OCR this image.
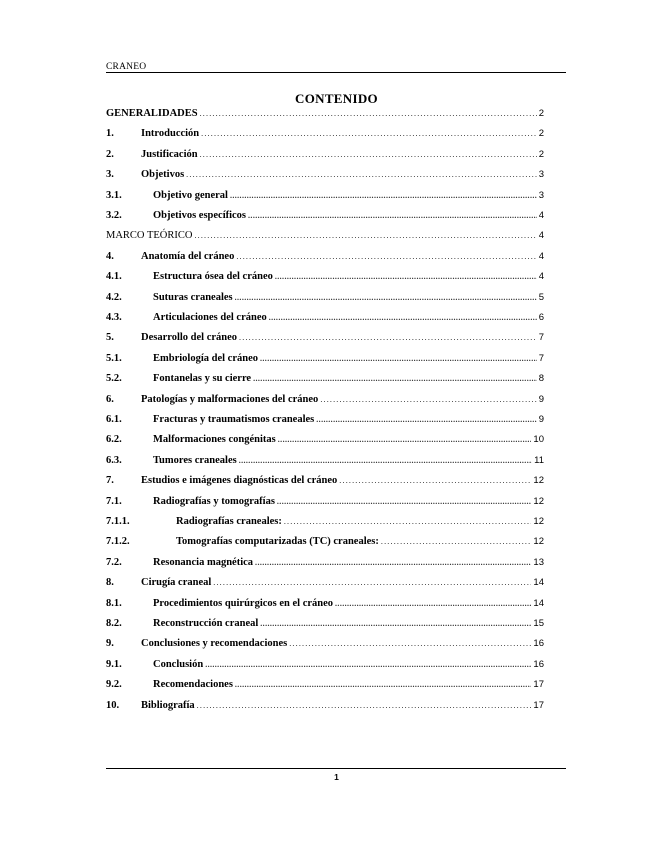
CRANEO
CONTENIDO
GENERALIDADES .....	2
1.	Introducción .....	2
2.	Justificación .....	2
3.	Objetivos .....	3
3.1.	Objetivo general .....	3
3.2.	Objetivos específicos .....	4
MARCO TEÓRICO .....	4
4.	Anatomía del cráneo .....	4
4.1.	Estructura ósea del cráneo .....	4
4.2.	Suturas craneales .....	5
4.3.	Articulaciones del cráneo .....	6
5.	Desarrollo del cráneo .....	7
5.1.	Embriología del cráneo .....	7
5.2.	Fontanelas y su cierre .....	8
6.	Patologías y malformaciones del cráneo .....	9
6.1.	Fracturas y traumatismos craneales .....	9
6.2.	Malformaciones congénitas .....	10
6.3.	Tumores craneales .....	11
7.	Estudios e imágenes diagnósticas del cráneo .....	12
7.1.	Radiografías y tomografías .....	12
7.1.1.	Radiografías craneales: .....	12
7.1.2.	Tomografías computarizadas (TC) craneales: .....	12
7.2.	Resonancia magnética .....	13
8.	Cirugía craneal .....	14
8.1.	Procedimientos quirúrgicos en el cráneo .....	14
8.2.	Reconstrucción craneal .....	15
9.	Conclusiones y recomendaciones .....	16
9.1.	Conclusión .....	16
9.2.	Recomendaciones .....	17
10.	Bibliografía .....	17
1
